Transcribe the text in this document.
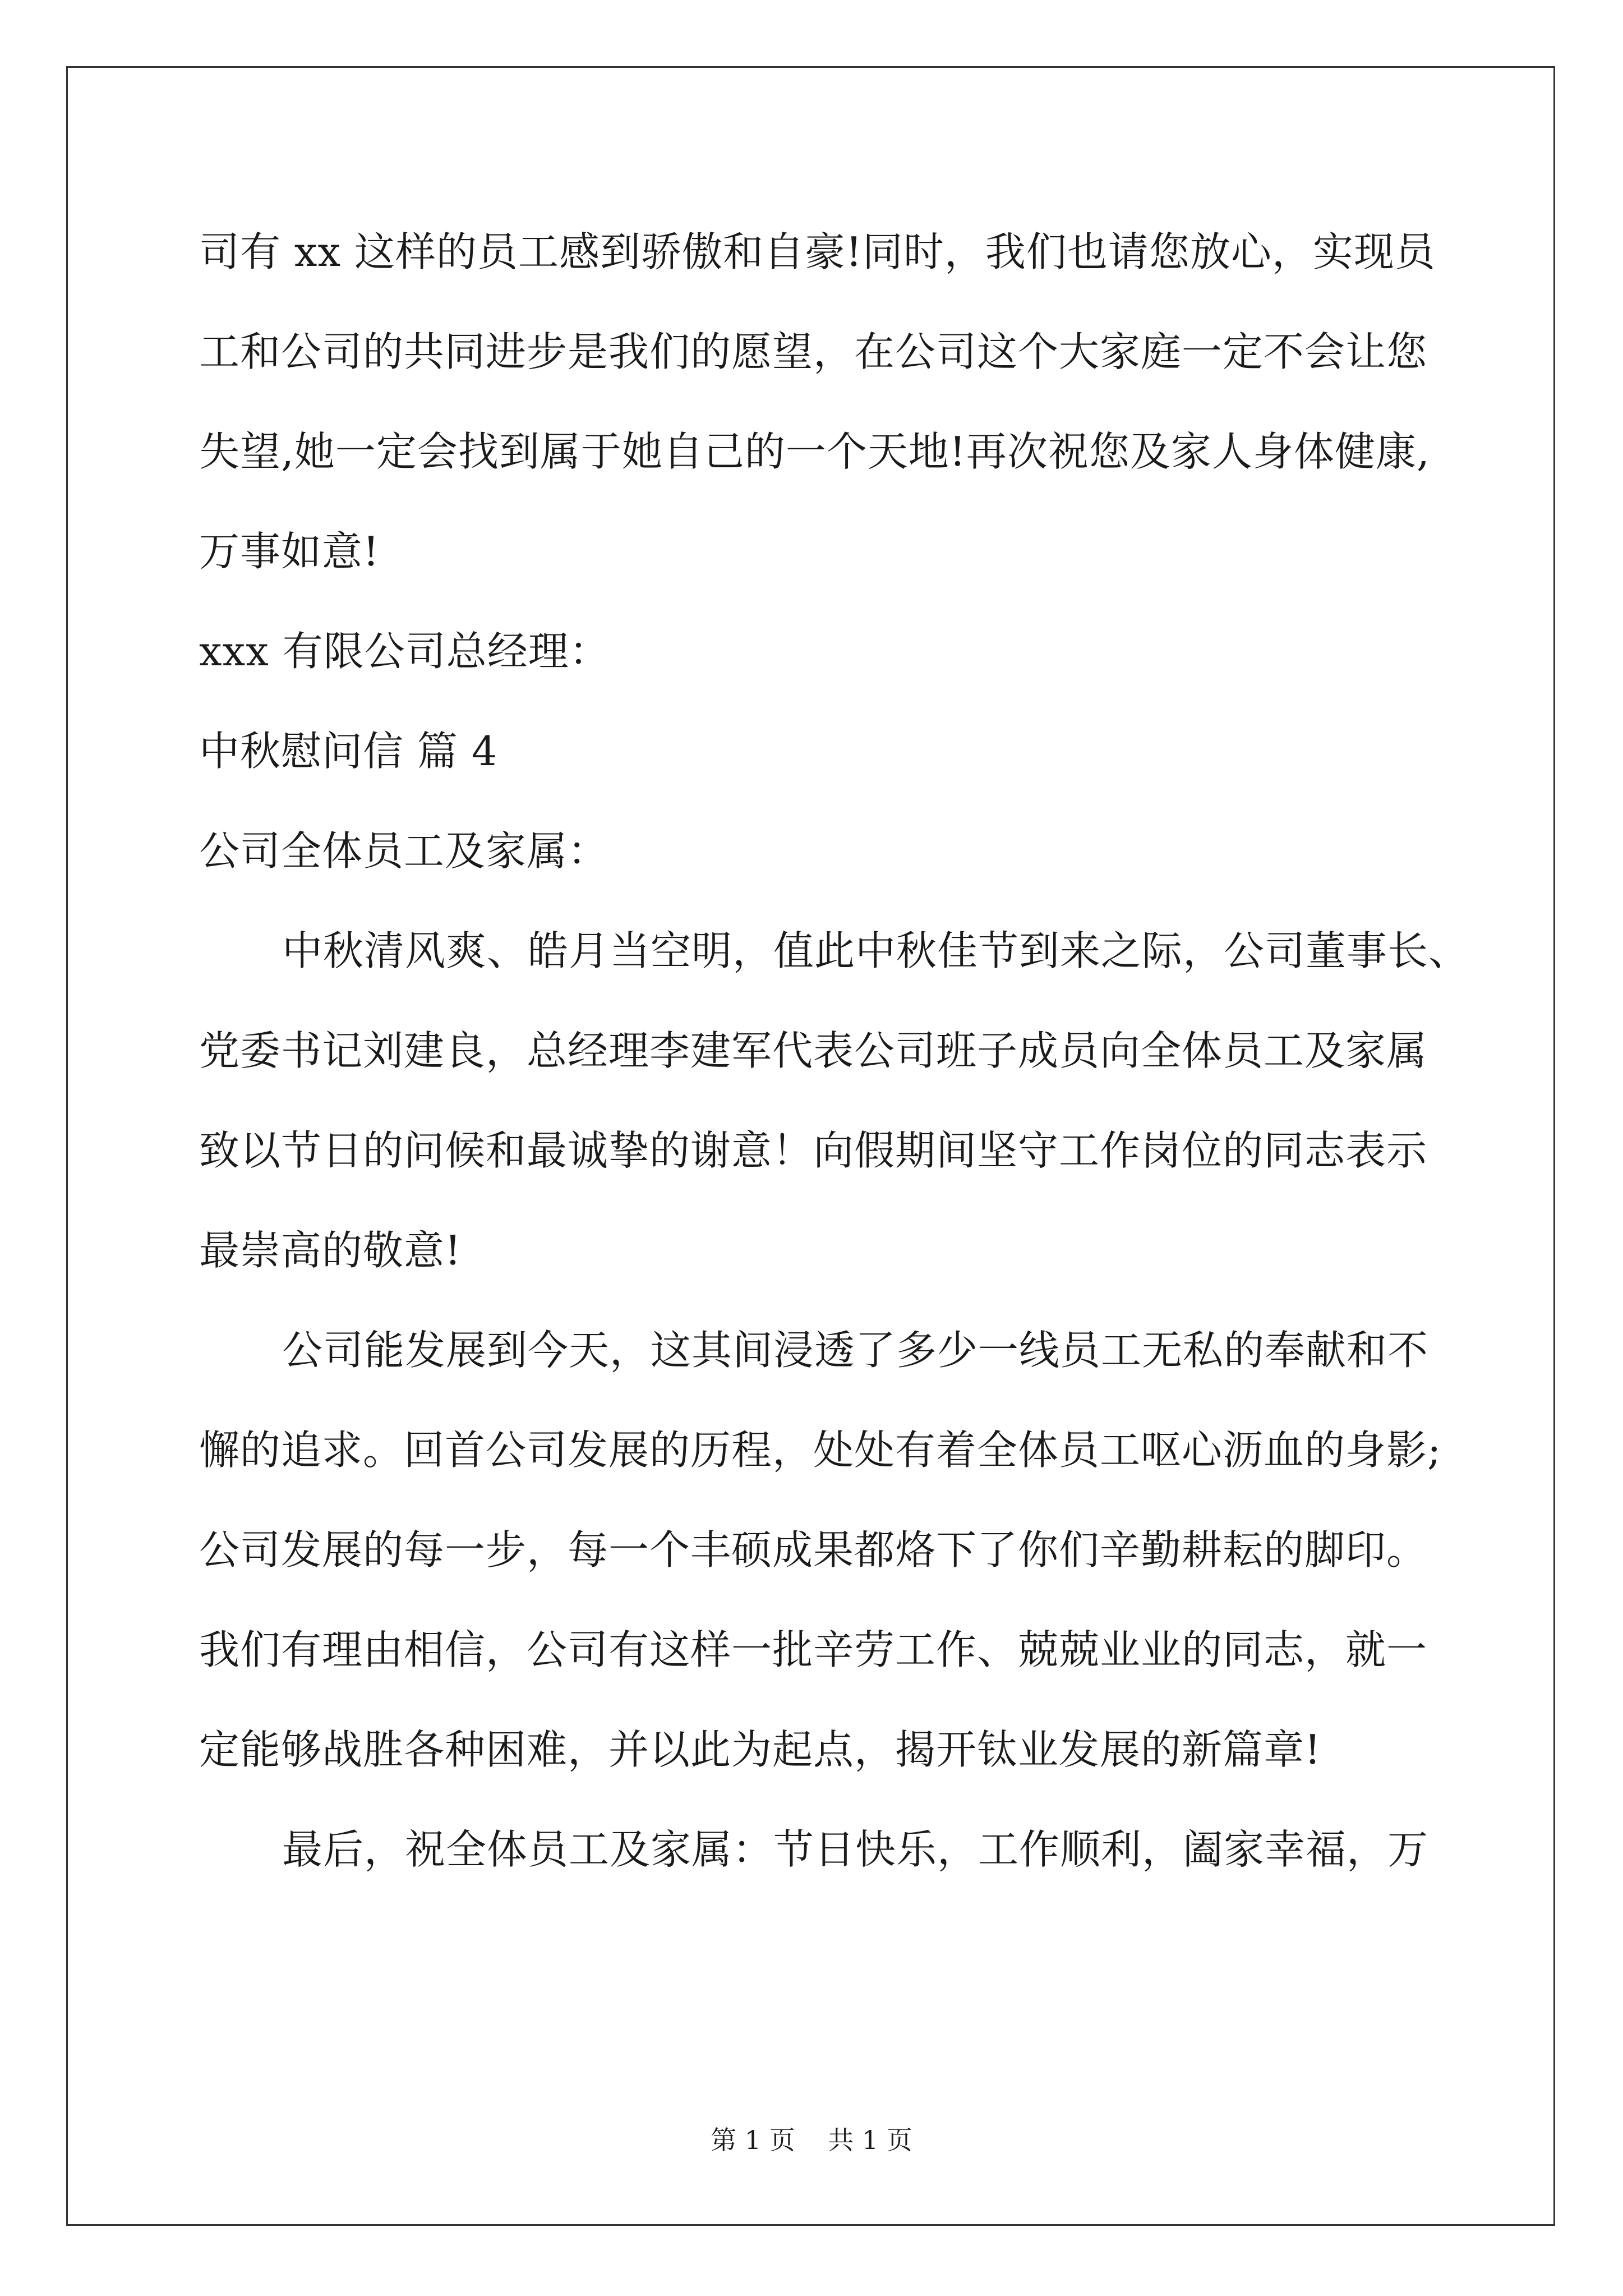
司有 xx 这样的员工感到骄傲和自豪!同时，我们也请您放心，实现员
工和公司的共同进步是我们的愿望，在公司这个大家庭一定不会让您
失望,她一定会找到属于她自己的一个天地!再次祝您及家人身体健康,
万事如意!
xxx 有限公司总经理：
中秋慰问信 篇 4
公司全体员工及家属：
中秋清风爽、皓月当空明，值此中秋佳节到来之际，公司董事长、
党委书记刘建良，总经理李建军代表公司班子成员向全体员工及家属
致以节日的问候和最诚挚的谢意！向假期间坚守工作岗位的同志表示
最崇高的敬意!
公司能发展到今天，这其间浸透了多少一线员工无私的奉献和不
懈的追求。回首公司发展的历程，处处有着全体员工呕心沥血的身影;
公司发展的每一步，每一个丰硕成果都烙下了你们辛勤耕耘的脚印。
我们有理由相信，公司有这样一批辛劳工作、兢兢业业的同志，就一
定能够战胜各种困难，并以此为起点，揭开钛业发展的新篇章!
最后，祝全体员工及家属：节日快乐，工作顺利，阖家幸福，万
第 1 页    共 1 页
